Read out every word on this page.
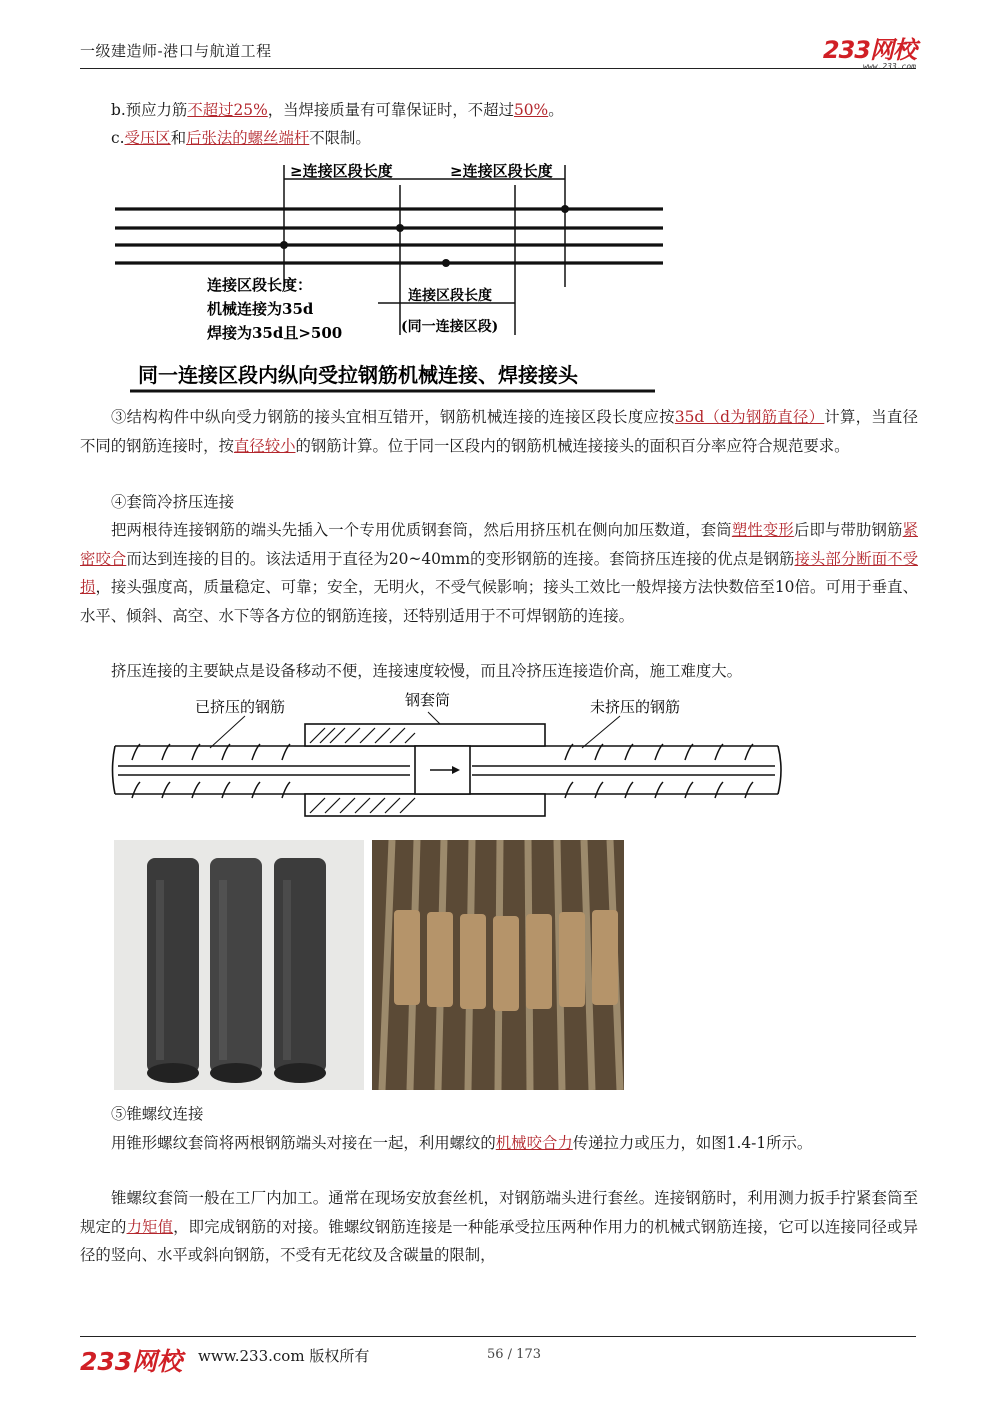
一级建造师-港口与航道工程	233网校
www.233.com
b.预应力筋不超过25%，当焊接质量有可靠保证时，不超过50%。
c.受压区和后张法的螺丝端杆不限制。
≥连接区段长度	≥连接区段长度
连接区段长度：
机械连接为35d
焊接为35d且>500
连接区段长度
(同一连接区段)
同一连接区段内纵向受拉钢筋机械连接、焊接接头
③结构构件中纵向受力钢筋的接头宜相互错开，钢筋机械连接的连接区段长度应按35d（d为钢筋直径）计算，当直径不同的钢筋连接时，按直径较小的钢筋计算。位于同一区段内的钢筋机械连接接头的面积百分率应符合规范要求。
④套筒冷挤压连接
把两根待连接钢筋的端头先插入一个专用优质钢套筒，然后用挤压机在侧向加压数道，套筒塑性变形后即与带肋钢筋紧密咬合而达到连接的目的。该法适用于直径为20~40mm的变形钢筋的连接。套筒挤压连接的优点是钢筋接头部分断面不受损，接头强度高，质量稳定、可靠；安全，无明火，不受气候影响；接头工效比一般焊接方法快数倍至10倍。可用于垂直、水平、倾斜、高空、水下等各方位的钢筋连接，还特别适用于不可焊钢筋的连接。
挤压连接的主要缺点是设备移动不便，连接速度较慢，而且冷挤压连接造价高，施工难度大。
已挤压的钢筋	钢套筒	未挤压的钢筋
⑤锥螺纹连接
用锥形螺纹套筒将两根钢筋端头对接在一起，利用螺纹的机械咬合力传递拉力或压力，如图1.4-1所示。
锥螺纹套筒一般在工厂内加工。通常在现场安放套丝机，对钢筋端头进行套丝。连接钢筋时，利用测力扳手拧紧套筒至规定的力矩值，即完成钢筋的对接。锥螺纹钢筋连接是一种能承受拉压两种作用力的机械式钢筋连接，它可以连接同径或异径的竖向、水平或斜向钢筋，不受有无花纹及含碳量的限制，
233网校 www.233.com 版权所有	56 / 173
